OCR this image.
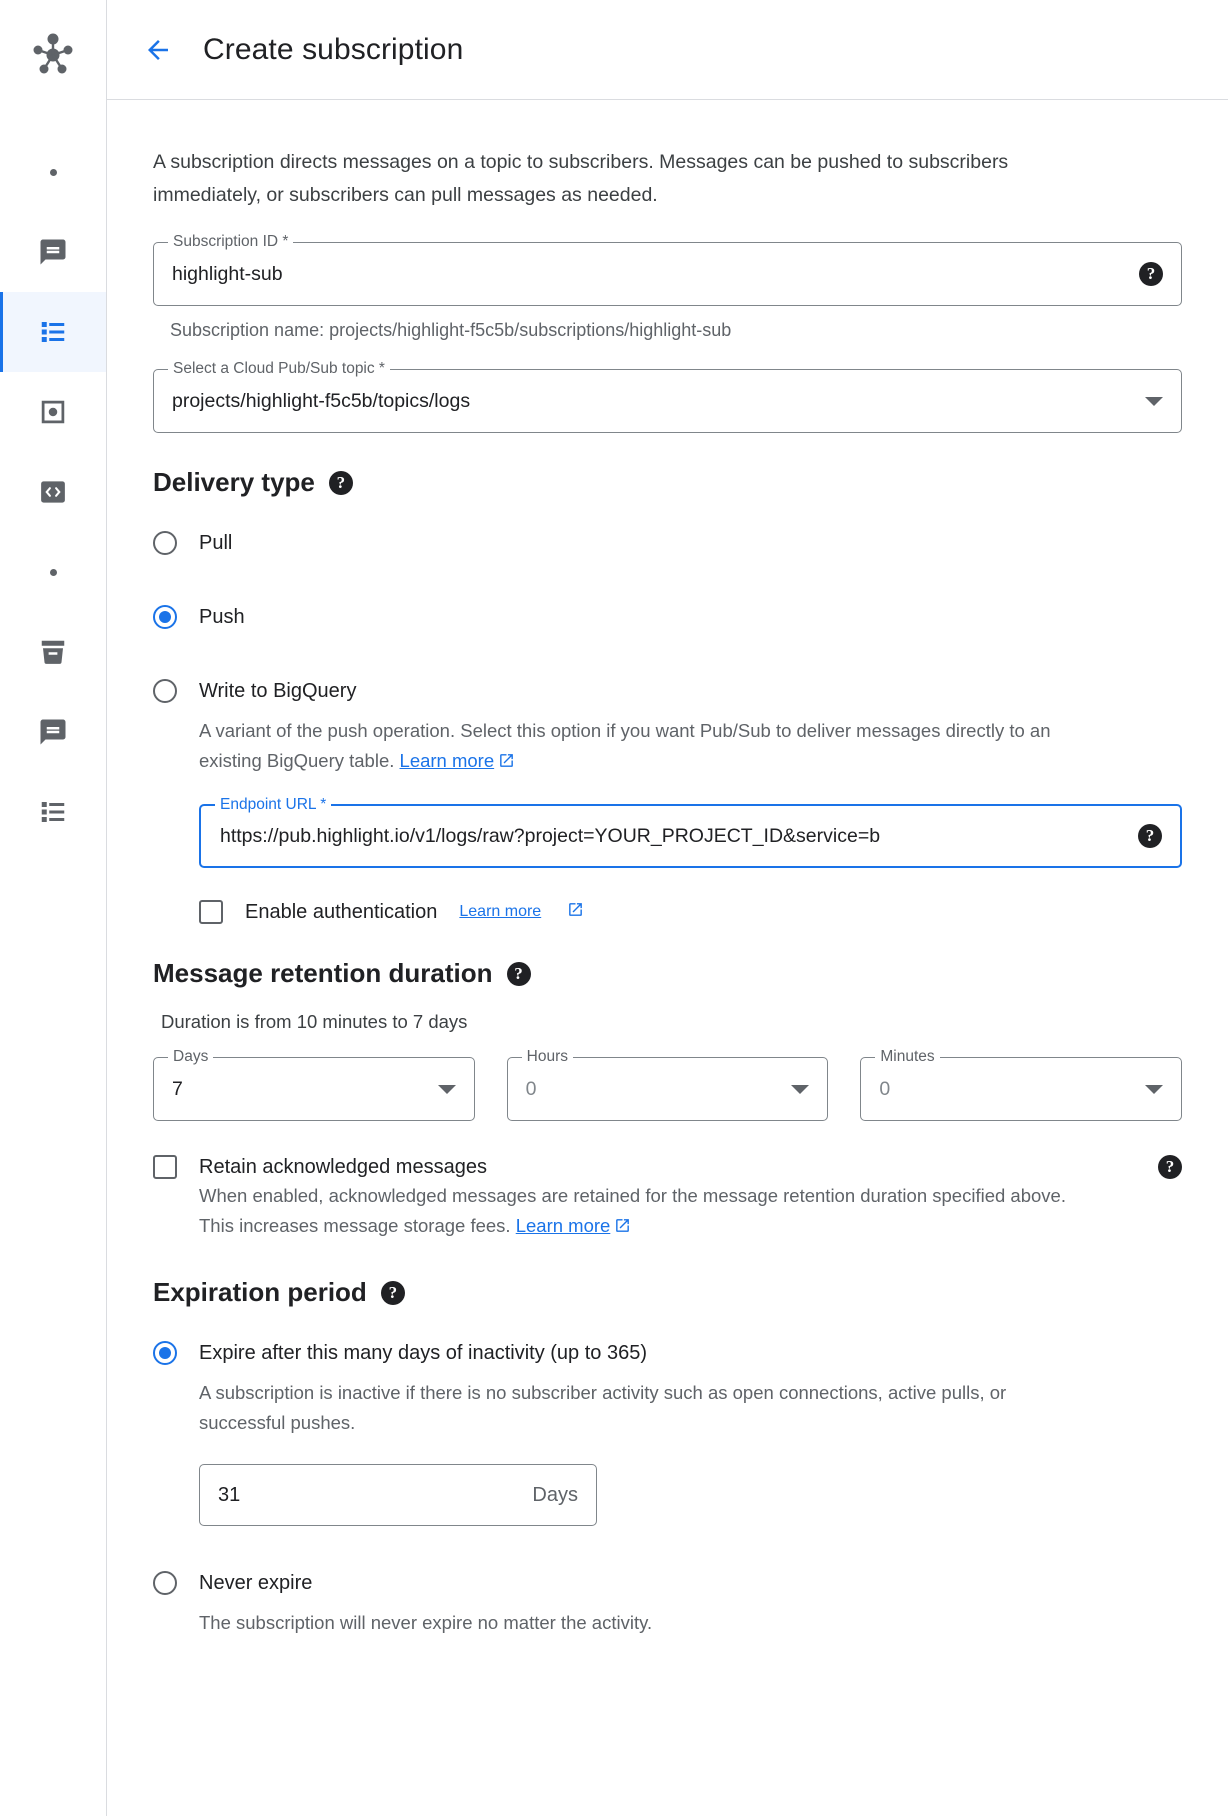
Create subscription

A subscription directs messages on a topic to subscribers. Messages can be pushed to subscribers immediately, or subscribers can pull messages as needed.

Subscription ID *
highlight-sub	?
Subscription name: projects/highlight-f5c5b/subscriptions/highlight-sub
Select a Cloud Pub/Sub topic *
projects/highlight-f5c5b/topics/logs
Delivery type	?
Pull
Push
Write to BigQuery
A variant of the push operation. Select this option if you want Pub/Sub to deliver messages directly to an existing BigQuery table. Learn more
Endpoint URL *
https://pub.highlight.io/v1/logs/raw?project=YOUR_PROJECT_ID&service=b	?
Enable authentication Learn more
Message retention duration	?
Duration is from 10 minutes to 7 days
Days
7
Hours
0
Minutes
0
Retain acknowledged messages	?
When enabled, acknowledged messages are retained for the message retention duration specified above. This increases message storage fees. Learn more
Expiration period	?
Expire after this many days of inactivity (up to 365)
A subscription is inactive if there is no subscriber activity such as open connections, active pulls, or successful pushes.
31	Days
Never expire
The subscription will never expire no matter the activity.
